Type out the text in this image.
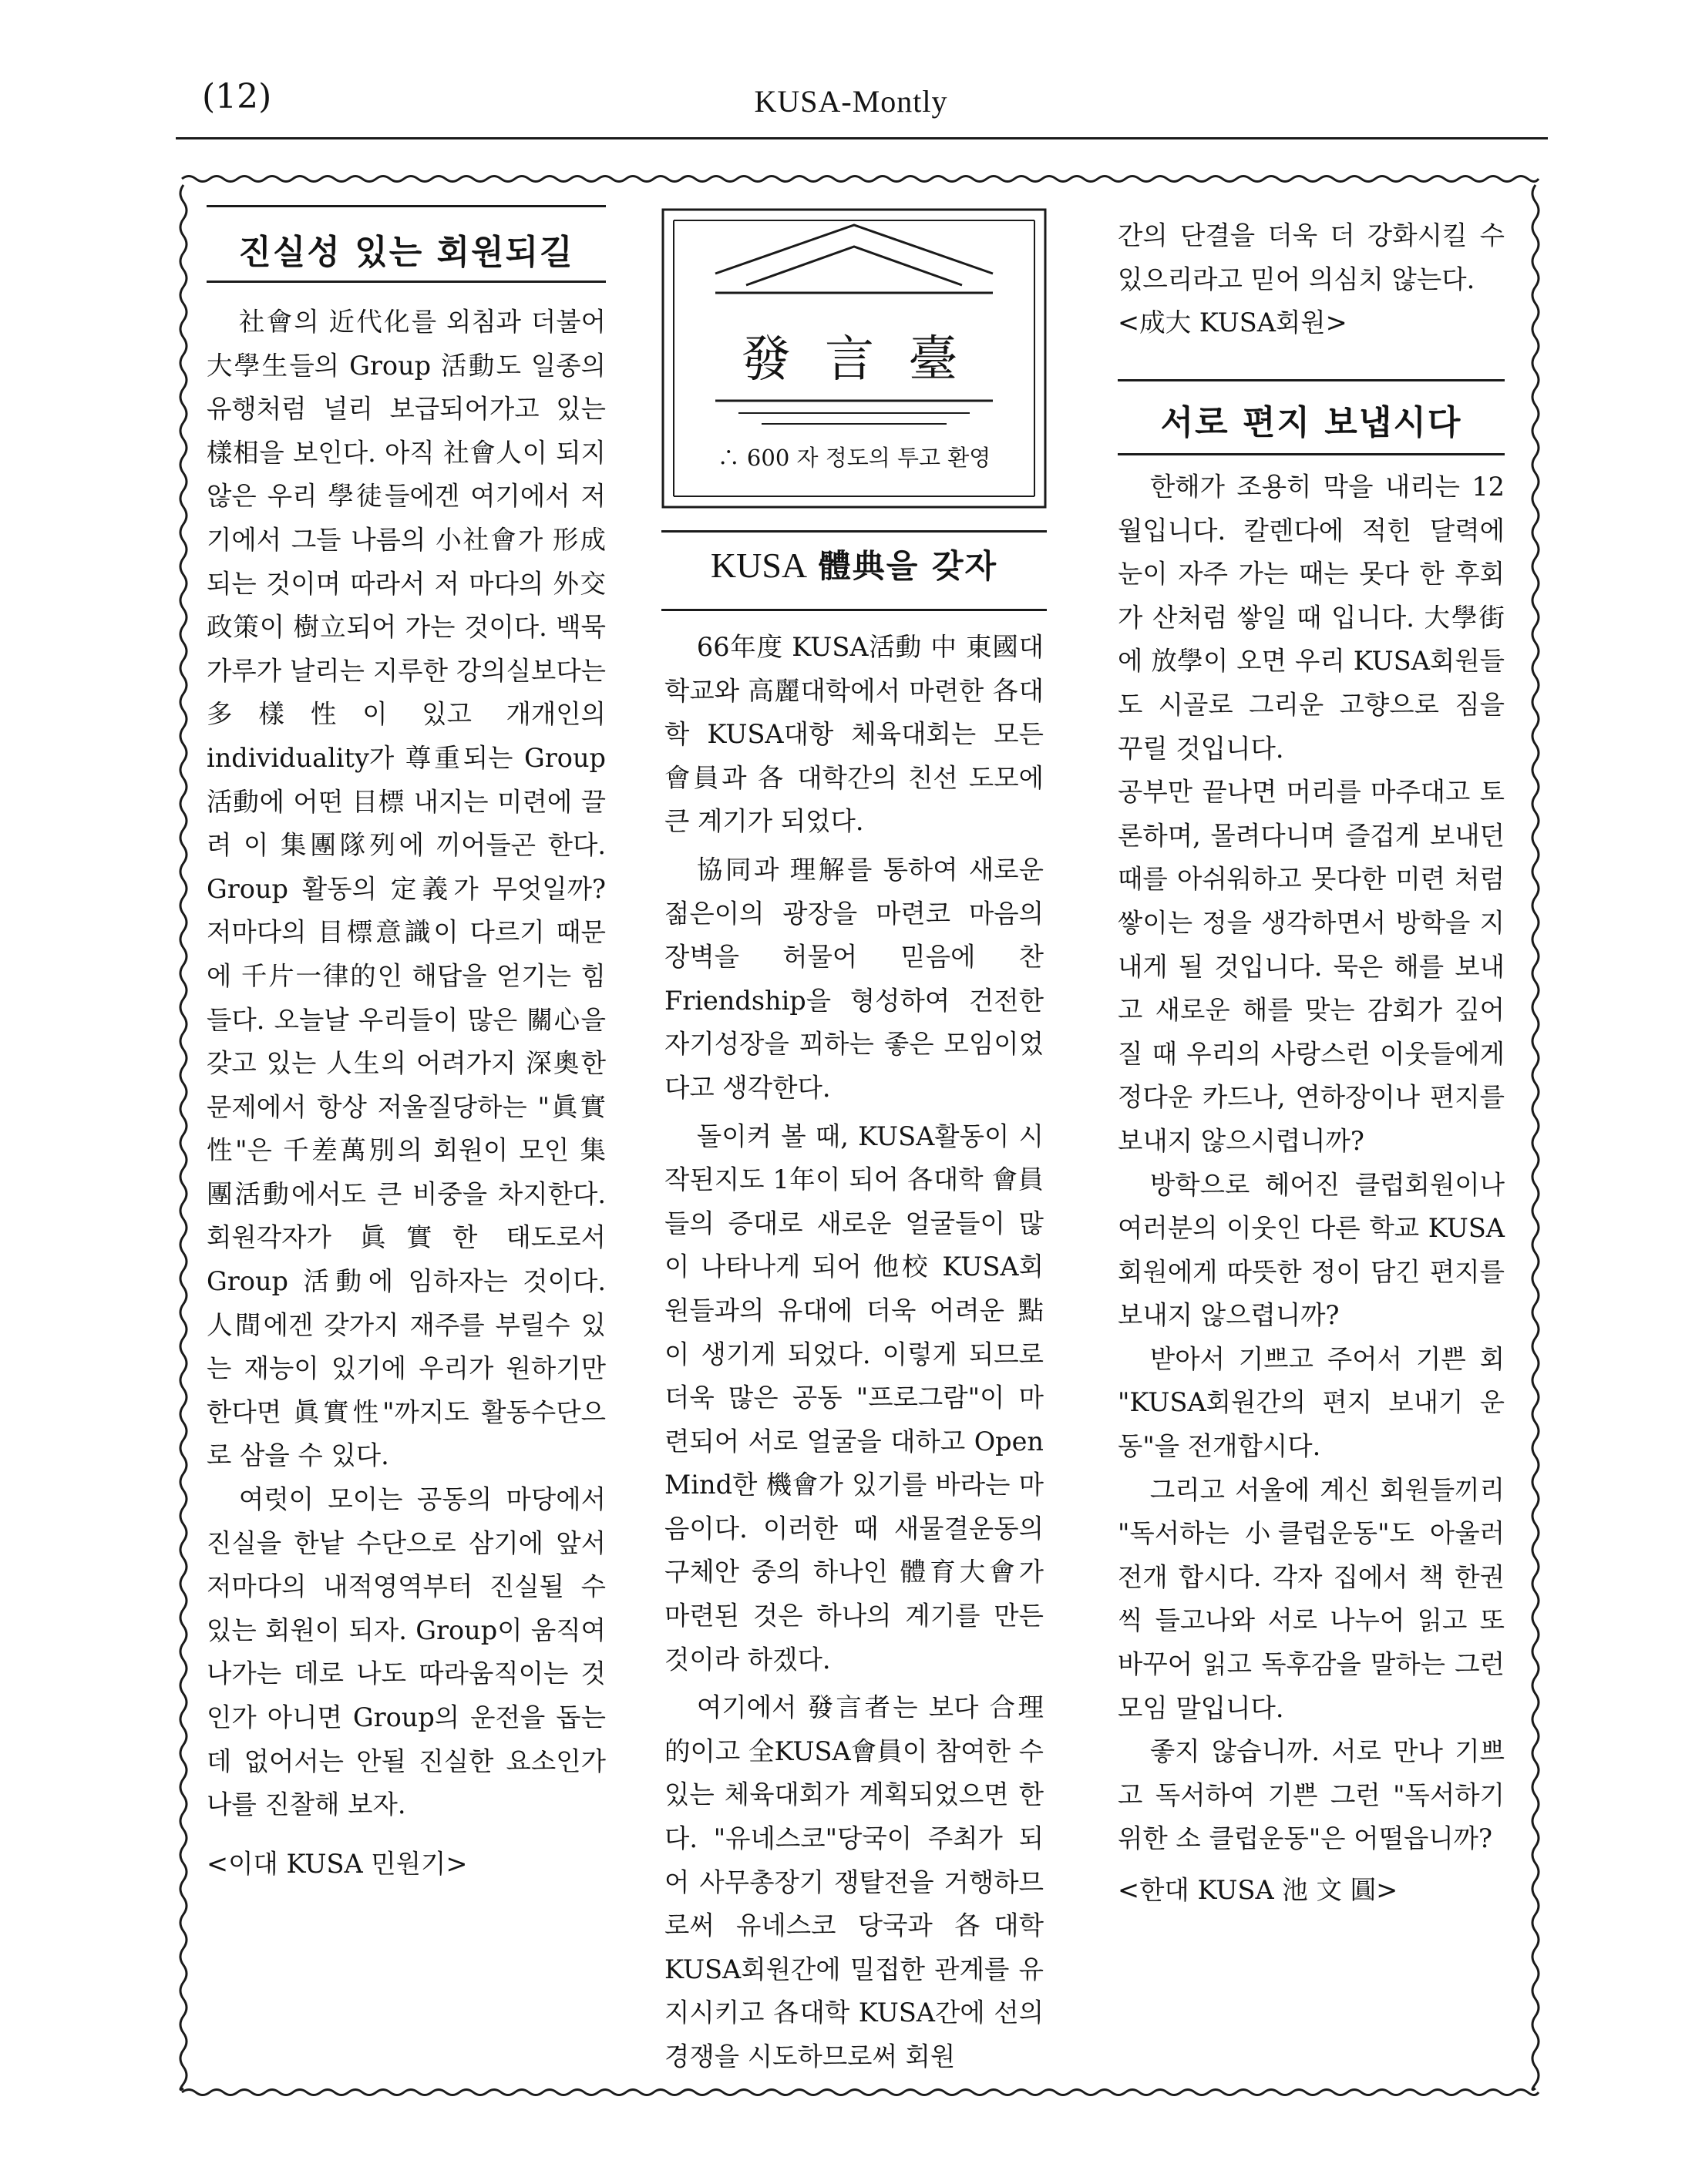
(12)	KUSA-Montly
진실성 있는 회원되길

社會의 近代化를 외침과 더불어 大學生들의 Group 活動도 일종의 유행처럼 널리 보급되어가고 있는 樣相을 보인다. 아직 社會人이 되지 않은 우리 學徒들에겐 여기에서 저기에서 그들 나름의 小社會가 形成되는 것이며 따라서 저 마다의 外交政策이 樹立되어 가는 것이다. 백묵가루가 날리는 지루한 강의실보다는 多樣性이 있고 개개인의 individuality가 尊重되는 Group 活動에 어떤 目標 내지는 미련에 끌려 이 集團隊列에 끼어들곤 한다. Group 활동의 定義가 무엇일까? 저마다의 目標意識이 다르기 때문에 千片一律的인 해답을 얻기는 힘들다. 오늘날 우리들이 많은 關心을 갖고 있는 人生의 어려가지 深奧한 문제에서 항상 저울질당하는 "眞實性"은 千差萬別의 회원이 모인 集團活動에서도 큰 비중을 차지한다. 회원각자가 眞實한 태도로서 Group 活動에 임하자는 것이다. 人間에겐 갖가지 재주를 부릴수 있는 재능이 있기에 우리가 원하기만 한다면 眞實性"까지도 활동수단으로 삼을 수 있다.

여럿이 모이는 공동의 마당에서 진실을 한낱 수단으로 삼기에 앞서 저마다의 내적영역부터 진실될 수 있는 회원이 되자. Group이 움직여 나가는 데로 나도 따라움직이는 것인가 아니면 Group의 운전을 돕는데 없어서는 안될 진실한 요소인가 나를 진찰해 보자.

<이대 KUSA 민원기>

發 言 臺
∴ 600 자 정도의 투고 환영
KUSA 體典을 갖자

66年度 KUSA活動 中 東國대학교와 高麗대학에서 마련한 各대학 KUSA대항 체육대회는 모든 會員과 各 대학간의 친선 도모에 큰 계기가 되었다.

協同과 理解를 통하여 새로운 젊은이의 광장을 마련코 마음의 장벽을 허물어 믿음에 찬 Friendship을 형성하여 건전한 자기성장을 꾀하는 좋은 모임이었다고 생각한다.

돌이켜 볼 때, KUSA활동이 시작된지도 1年이 되어 各대학 會員들의 증대로 새로운 얼굴들이 많이 나타나게 되어 他校 KUSA회원들과의 유대에 더욱 어려운 點이 생기게 되었다. 이렇게 되므로 더욱 많은 공동 "프로그람"이 마련되어 서로 얼굴을 대하고 Open Mind한 機會가 있기를 바라는 마음이다. 이러한 때 새물결운동의 구체안 중의 하나인 體育大會가 마련된 것은 하나의 계기를 만든 것이라 하겠다.

여기에서 發言者는 보다 合理的이고 全KUSA會員이 참여한 수 있는 체육대회가 계획되었으면 한다. "유네스코"당국이 주최가 되어 사무총장기 쟁탈전을 거행하므로써 유네스코 당국과 各대학 KUSA회원간에 밀접한 관계를 유지시키고 各대학 KUSA간에 선의 경쟁을 시도하므로써 회원

간의 단결을 더욱 더 강화시킬 수 있으리라고 믿어 의심치 않는다.

<成大 KUSA회원>

서로 편지 보냅시다

한해가 조용히 막을 내리는 12월입니다. 칼렌다에 적힌 달력에 눈이 자주 가는 때는 못다 한 후회가 산처럼 쌓일 때 입니다. 大學街에 放學이 오면 우리 KUSA회원들도 시골로 그리운 고향으로 짐을 꾸릴 것입니다.

공부만 끝나면 머리를 마주대고 토론하며, 몰려다니며 즐겁게 보내던 때를 아쉬워하고 못다한 미련 처럼 쌓이는 정을 생각하면서 방학을 지내게 될 것입니다. 묵은 해를 보내고 새로운 해를 맞는 감회가 깊어질 때 우리의 사랑스런 이웃들에게 정다운 카드나, 연하장이나 편지를 보내지 않으시렵니까?

방학으로 헤어진 클럽회원이나 여러분의 이웃인 다른 학교 KUSA회원에게 따뜻한 정이 담긴 편지를 보내지 않으렵니까?

받아서 기쁘고 주어서 기쁜 회 "KUSA회원간의 편지 보내기 운동"을 전개합시다.

그리고 서울에 계신 회원들끼리 "독서하는 小클럽운동"도 아울러 전개 합시다. 각자 집에서 책 한권씩 들고나와 서로 나누어 읽고 또 바꾸어 읽고 독후감을 말하는 그런 모임 말입니다.

좋지 않습니까. 서로 만나 기쁘고 독서하여 기쁜 그런 "독서하기 위한 소 클럽운동"은 어떨읍니까?

<한대 KUSA 池 文 圓>
